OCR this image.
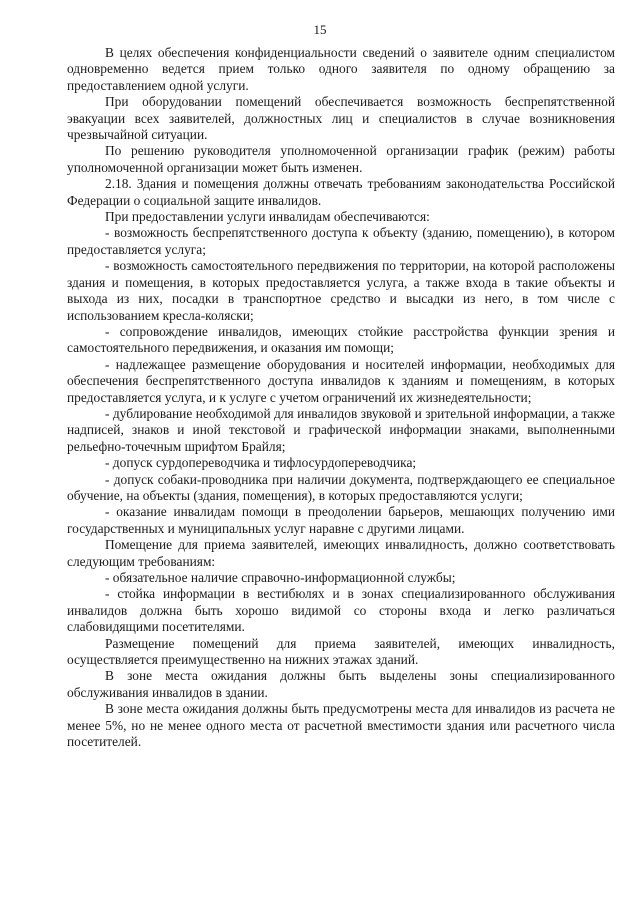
15

В целях обеспечения конфиденциальности сведений о заявителе одним специалистом одновременно ведется прием только одного заявителя по одному обращению за предоставлением одной услуги.

При оборудовании помещений обеспечивается возможность беспрепятственной эвакуации всех заявителей, должностных лиц и специалистов в случае возникновения чрезвычайной ситуации.

По решению руководителя уполномоченной организации график (режим) работы уполномоченной организации может быть изменен.

2.18. Здания и помещения должны отвечать требованиям законодательства Российской Федерации о социальной защите инвалидов.

При предоставлении услуги инвалидам обеспечиваются:

- возможность беспрепятственного доступа к объекту (зданию, помещению), в котором предоставляется услуга;

- возможность самостоятельного передвижения по территории, на которой расположены здания и помещения, в которых предоставляется услуга, а также входа в такие объекты и выхода из них, посадки в транспортное средство и высадки из него, в том числе с использованием кресла-коляски;

- сопровождение инвалидов, имеющих стойкие расстройства функции зрения и самостоятельного передвижения, и оказания им помощи;

- надлежащее размещение оборудования и носителей информации, необходимых для обеспечения беспрепятственного доступа инвалидов к зданиям и помещениям, в которых предоставляется услуга, и к услуге с учетом ограничений их жизнедеятельности;

- дублирование необходимой для инвалидов звуковой и зрительной информации, а также надписей, знаков и иной текстовой и графической информации знаками, выполненными рельефно-точечным шрифтом Брайля;

- допуск сурдопереводчика и тифлосурдопереводчика;

- допуск собаки-проводника при наличии документа, подтверждающего ее специальное обучение, на объекты (здания, помещения), в которых предоставляются услуги;

- оказание инвалидам помощи в преодолении барьеров, мешающих получению ими государственных и муниципальных услуг наравне с другими лицами.

Помещение для приема заявителей, имеющих инвалидность, должно соответствовать следующим требованиям:

- обязательное наличие справочно-информационной службы;

- стойка информации в вестибюлях и в зонах специализированного обслуживания инвалидов должна быть хорошо видимой со стороны входа и легко различаться слабовидящими посетителями.

Размещение помещений для приема заявителей, имеющих инвалидность, осуществляется преимущественно на нижних этажах зданий.

В зоне места ожидания должны быть выделены зоны специализированного обслуживания инвалидов в здании.

В зоне места ожидания должны быть предусмотрены места для инвалидов из расчета не менее 5%, но не менее одного места от расчетной вместимости здания или расчетного числа посетителей.
